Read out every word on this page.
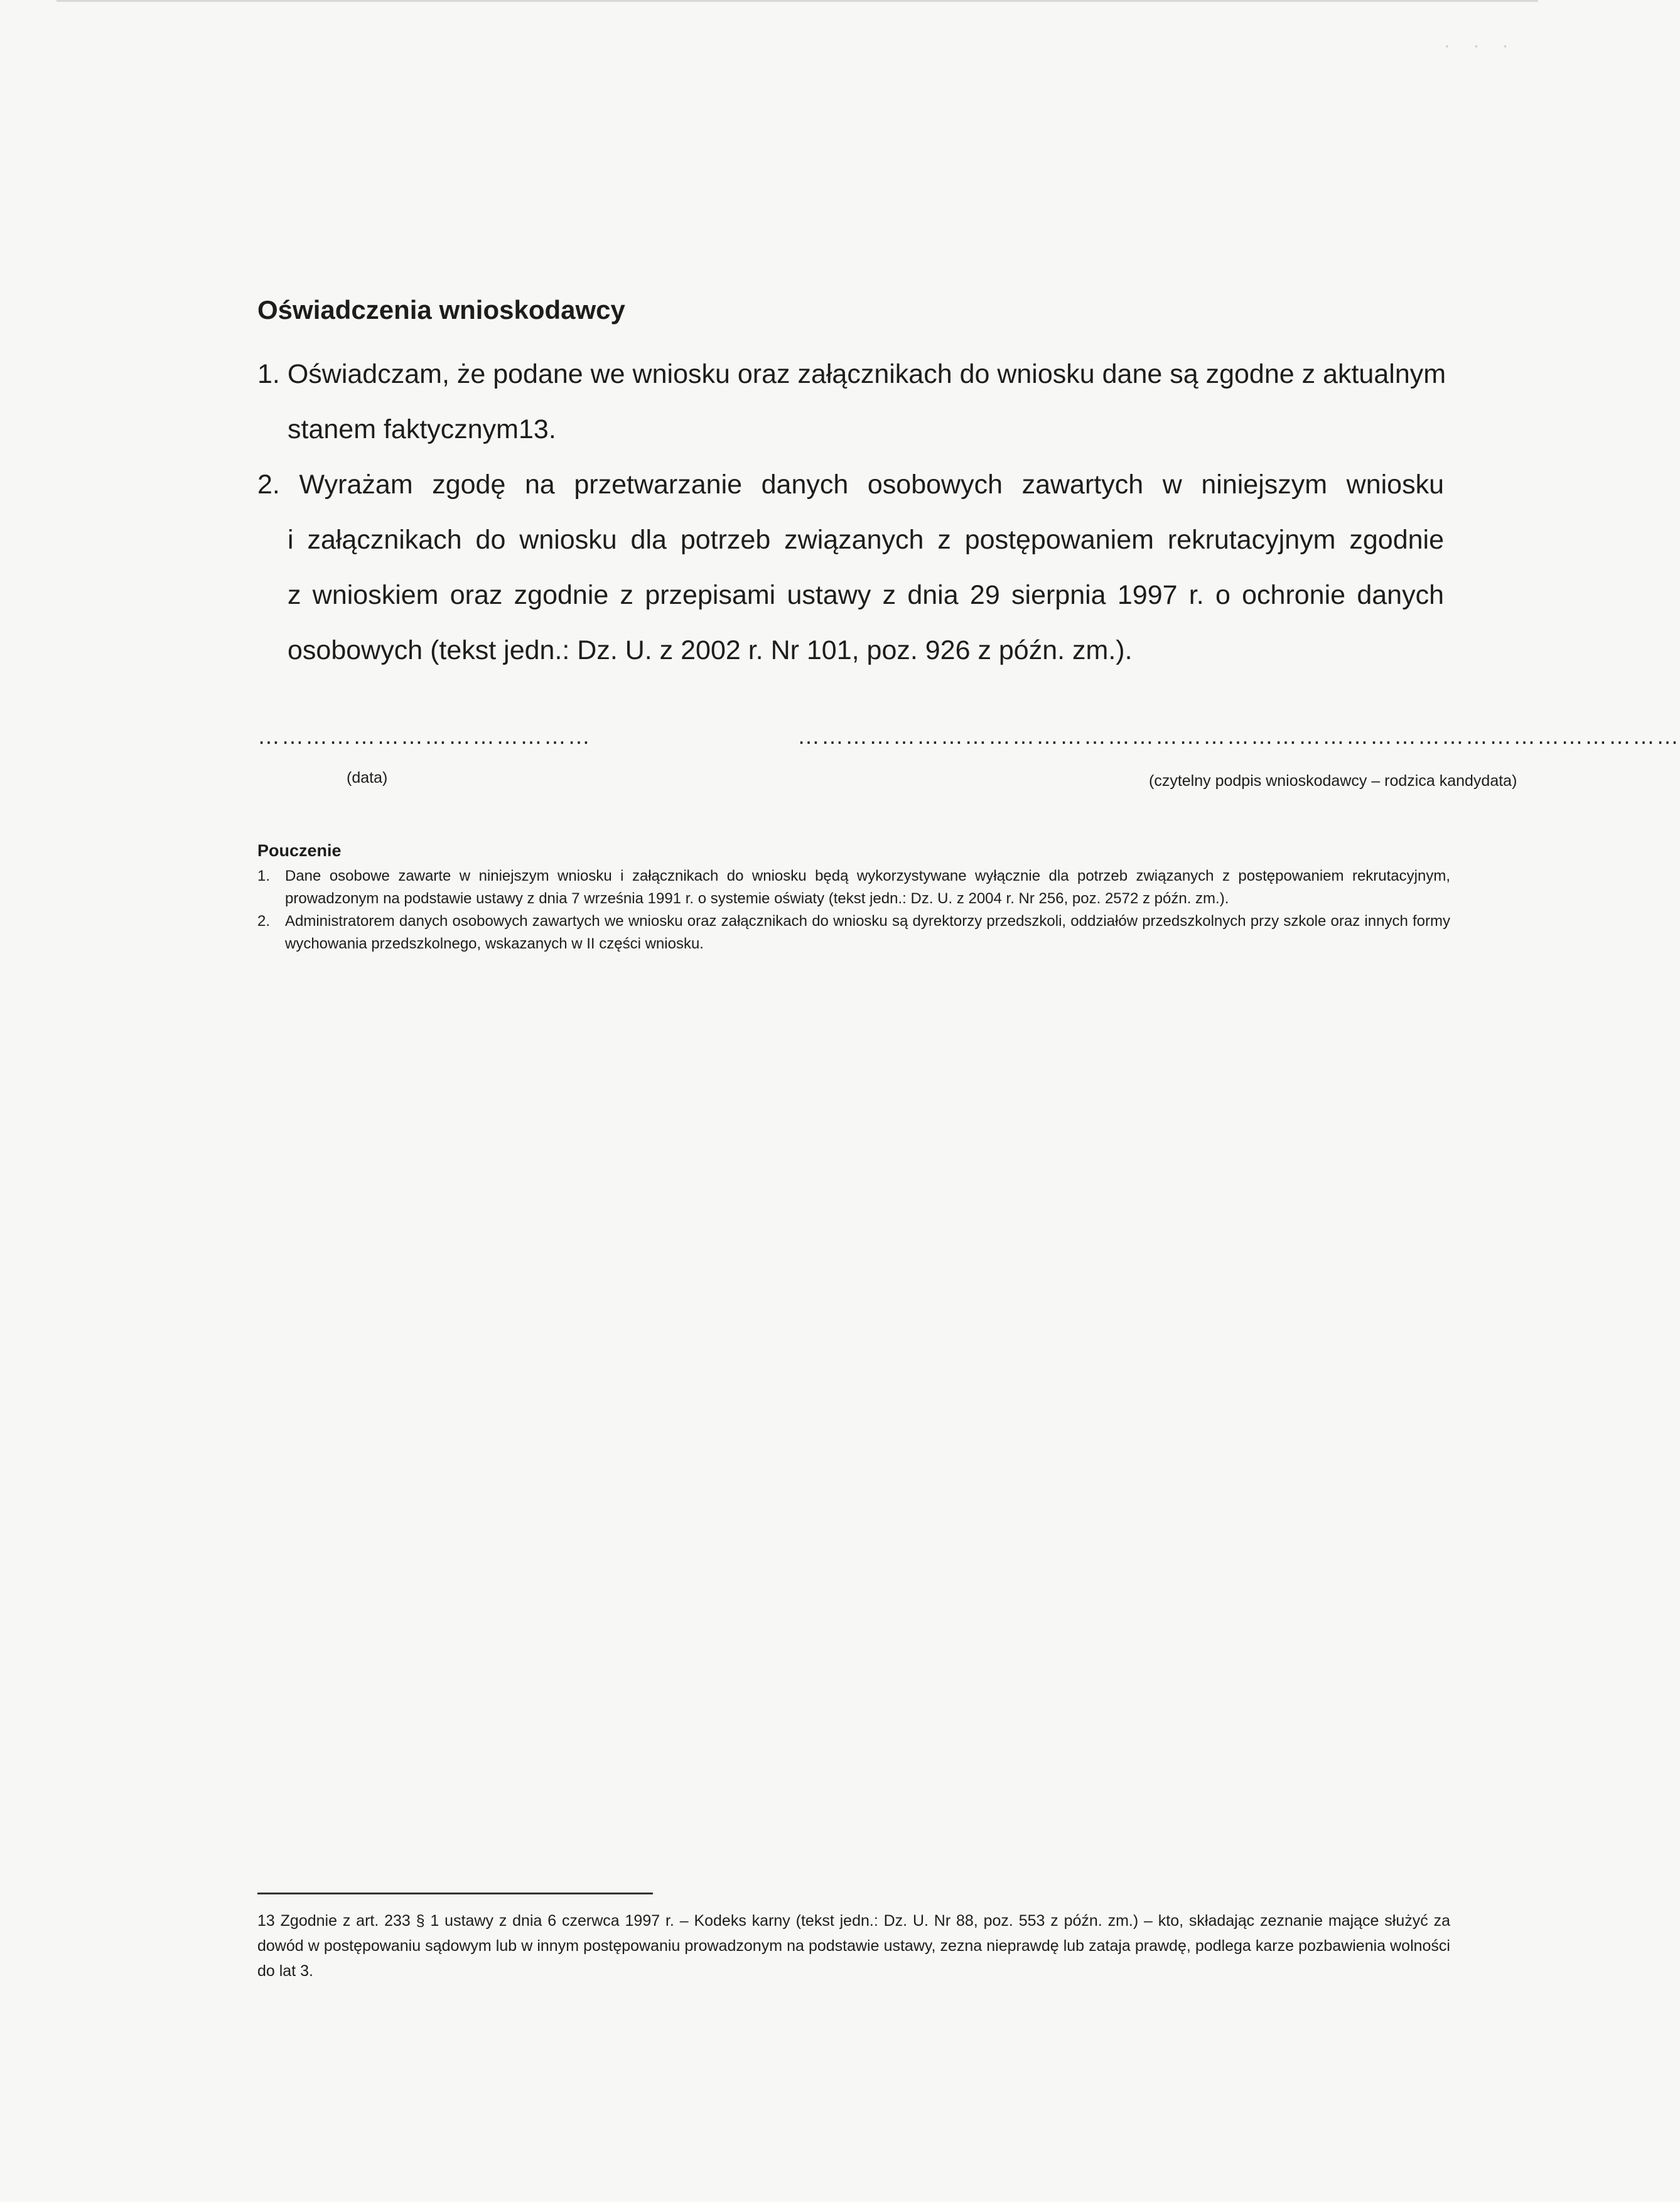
· · ·
Oświadczenia wnioskodawcy
1. Oświadczam, że podane we wniosku oraz załącznikach do wniosku dane są zgodne z aktualnym
stanem faktycznym13.
2. Wyrażam zgodę na przetwarzanie danych osobowych zawartych w niniejszym wniosku
i załącznikach do wniosku dla potrzeb związanych z postępowaniem rekrutacyjnym zgodnie
z wnioskiem oraz zgodnie z przepisami ustawy z dnia 29 sierpnia 1997 r. o ochronie danych
osobowych (tekst jedn.: Dz. U. z 2002 r. Nr 101, poz. 926 z późn. zm.).
……………………………………	…………………………………………………………………………………………………
(data)	(czytelny podpis wnioskodawcy – rodzica kandydata)
Pouczenie
1. Dane osobowe zawarte w niniejszym wniosku i załącznikach do wniosku będą wykorzystywane wyłącznie dla potrzeb związanych z postępowaniem rekrutacyjnym, prowadzonym na podstawie ustawy z dnia 7 września 1991 r. o systemie oświaty (tekst jedn.: Dz. U. z 2004 r. Nr 256, poz. 2572 z późn. zm.).
2. Administratorem danych osobowych zawartych we wniosku oraz załącznikach do wniosku są dyrektorzy przedszkoli, oddziałów przedszkolnych przy szkole oraz innych formy wychowania przedszkolnego, wskazanych w II części wniosku.
13 Zgodnie z art. 233 § 1 ustawy z dnia 6 czerwca 1997 r. – Kodeks karny (tekst jedn.: Dz. U. Nr 88, poz. 553 z późn. zm.) – kto, składając zeznanie mające służyć za dowód w postępowaniu sądowym lub w innym postępowaniu prowadzonym na podstawie ustawy, zezna nieprawdę lub zataja prawdę, podlega karze pozbawienia wolności do lat 3.
